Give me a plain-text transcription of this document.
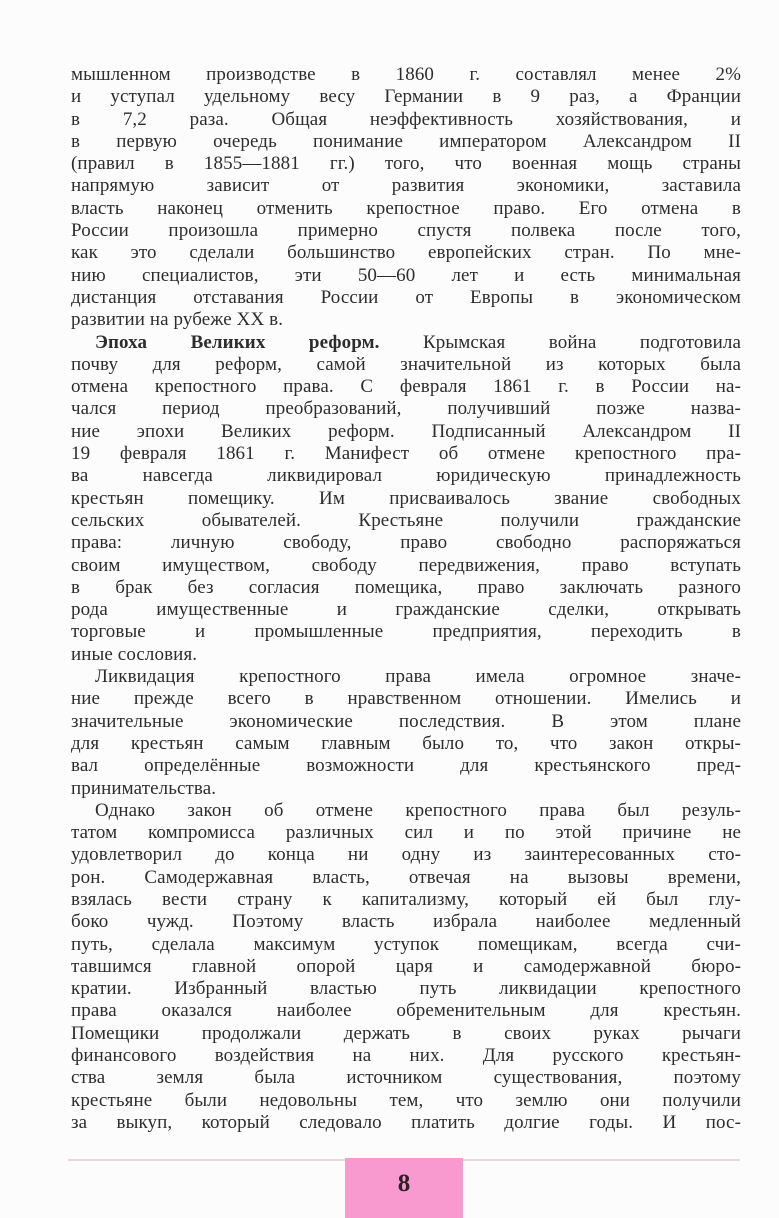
мышленном производстве в 1860 г. составлял менее 2%
и уступал удельному весу Германии в 9 раз, а Франции
в 7,2 раза. Общая неэффективность хозяйствования, и
в первую очередь понимание императором Александром II
(правил в 1855—1881 гг.) того, что военная мощь страны
напрямую зависит от развития экономики, заставила
власть наконец отменить крепостное право. Его отмена в
России произошла примерно спустя полвека после того,
как это сделали большинство европейских стран. По мне-
нию специалистов, эти 50—60 лет и есть минимальная
дистанция отставания России от Европы в экономическом
развитии на рубеже XX в.
Эпоха Великих реформ. Крымская война подготовила
почву для реформ, самой значительной из которых была
отмена крепостного права. С февраля 1861 г. в России на-
чался период преобразований, получивший позже назва-
ние эпохи Великих реформ. Подписанный Александром II
19 февраля 1861 г. Манифест об отмене крепостного пра-
ва навсегда ликвидировал юридическую принадлежность
крестьян помещику. Им присваивалось звание свободных
сельских обывателей. Крестьяне получили гражданские
права: личную свободу, право свободно распоряжаться
своим имуществом, свободу передвижения, право вступать
в брак без согласия помещика, право заключать разного
рода имущественные и гражданские сделки, открывать
торговые и промышленные предприятия, переходить в
иные сословия.
Ликвидация крепостного права имела огромное значе-
ние прежде всего в нравственном отношении. Имелись и
значительные экономические последствия. В этом плане
для крестьян самым главным было то, что закон откры-
вал определённые возможности для крестьянского пред-
принимательства.
Однако закон об отмене крепостного права был резуль-
татом компромисса различных сил и по этой причине не
удовлетворил до конца ни одну из заинтересованных сто-
рон. Самодержавная власть, отвечая на вызовы времени,
взялась вести страну к капитализму, который ей был глу-
боко чужд. Поэтому власть избрала наиболее медленный
путь, сделала максимум уступок помещикам, всегда счи-
тавшимся главной опорой царя и самодержавной бюро-
кратии. Избранный властью путь ликвидации крепостного
права оказался наиболее обременительным для крестьян.
Помещики продолжали держать в своих руках рычаги
финансового воздействия на них. Для русского крестьян-
ства земля была источником существования, поэтому
крестьяне были недовольны тем, что землю они получили
за выкуп, который следовало платить долгие годы. И пос-
8
